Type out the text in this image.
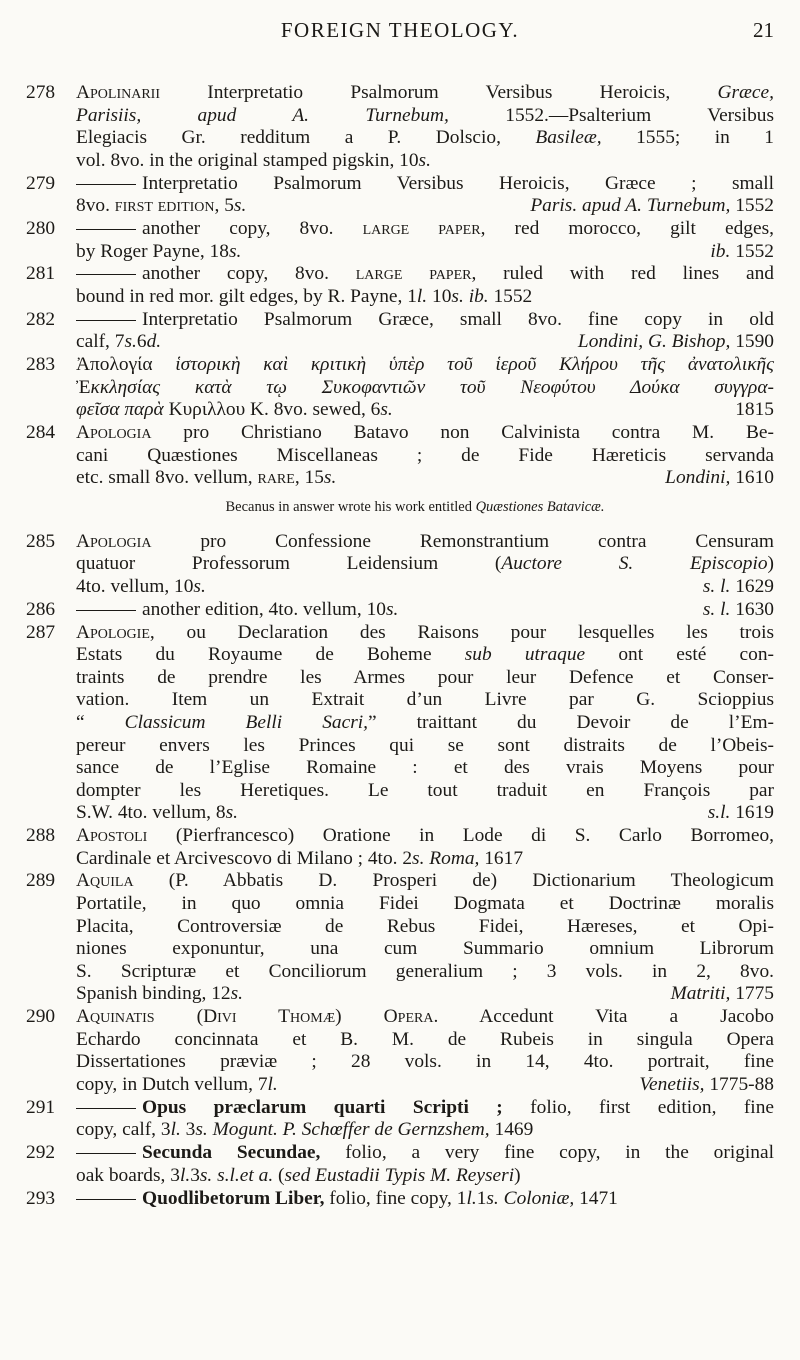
FOREIGN THEOLOGY.	21
278	Apolinarii Interpretatio Psalmorum Versibus Heroicis, Græce,
Parisiis, apud A. Turnebum, 1552.—Psalterium Versibus
Elegiacis Gr. redditum a P. Dolscio, Basileæ, 1555; in 1
vol. 8vo. in the original stamped pigskin, 10s.
279	Interpretatio Psalmorum Versibus Heroicis, Græce ; small
8vo. first edition, 5s.	Paris. apud A. Turnebum, 1552
280	another copy, 8vo. large paper, red morocco, gilt edges,
by Roger Payne, 18s.	ib. 1552
281	another copy, 8vo. large paper, ruled with red lines and
bound in red mor. gilt edges, by R. Payne, 1l. 10s. ib. 1552
282	Interpretatio Psalmorum Græce, small 8vo. fine copy in old
calf, 7s.6d.	Londini, G. Bishop, 1590
283	Ἀπολογία ἱστορικὴ καὶ κριτικὴ ὑπὲρ τοῦ ἱεροῦ Κλήρου τῆς ἀνατολικῆς
Ἐκκλησίας κατὰ τῳ Συκοφαντιῶν τοῦ Νεοφύτου Δούκα συγγρα-
φεῖσα παρὰ Κυριλλου Κ. 8vo. sewed, 6s.	1815
284	Apologia pro Christiano Batavo non Calvinista contra M. Be-
cani Quæstiones Miscellaneas ; de Fide Hæreticis servanda
etc. small 8vo. vellum, rare, 15s.	Londini, 1610
Becanus in answer wrote his work entitled Quæstiones Batavicæ.
285	Apologia pro Confessione Remonstrantium contra Censuram
quatuor Professorum Leidensium (Auctore S. Episcopio)
4to. vellum, 10s.	s. l. 1629
286	another edition, 4to. vellum, 10s.	s. l. 1630
287	Apologie, ou Declaration des Raisons pour lesquelles les trois
Estats du Royaume de Boheme sub utraque ont esté con-
traints de prendre les Armes pour leur Defence et Conser-
vation. Item un Extrait d’un Livre par G. Scioppius
“ Classicum Belli Sacri,” traittant du Devoir de l’Em-
pereur envers les Princes qui se sont distraits de l’Obeis-
sance de l’Eglise Romaine : et des vrais Moyens pour
dompter les Heretiques. Le tout traduit en François par
S.W. 4to. vellum, 8s.	s.l. 1619
288	Apostoli (Pierfrancesco) Oratione in Lode di S. Carlo Borromeo,
Cardinale et Arcivescovo di Milano ; 4to. 2s. Roma, 1617
289	Aquila (P. Abbatis D. Prosperi de) Dictionarium Theologicum
Portatile, in quo omnia Fidei Dogmata et Doctrinæ moralis
Placita, Controversiæ de Rebus Fidei, Hæreses, et Opi-
niones exponuntur, una cum Summario omnium Librorum
S. Scripturæ et Conciliorum generalium ; 3 vols. in 2, 8vo.
Spanish binding, 12s.	Matriti, 1775
290	Aquinatis (Divi Thomæ) Opera. Accedunt Vita a Jacobo
Echardo concinnata et B. M. de Rubeis in singula Opera
Dissertationes præviæ ; 28 vols. in 14, 4to. portrait, fine
copy, in Dutch vellum, 7l.	Venetiis, 1775-88
291	Opus præclarum quarti Scripti ; folio, first edition, fine
copy, calf, 3l. 3s. Mogunt. P. Schœffer de Gernzshem, 1469
292	Secunda Secundae, folio, a very fine copy, in the original
oak boards, 3l.3s. s.l.et a. (sed Eustadii Typis M. Reyseri)
293	Quodlibetorum Liber, folio, fine copy, 1l.1s. Coloniæ, 1471
